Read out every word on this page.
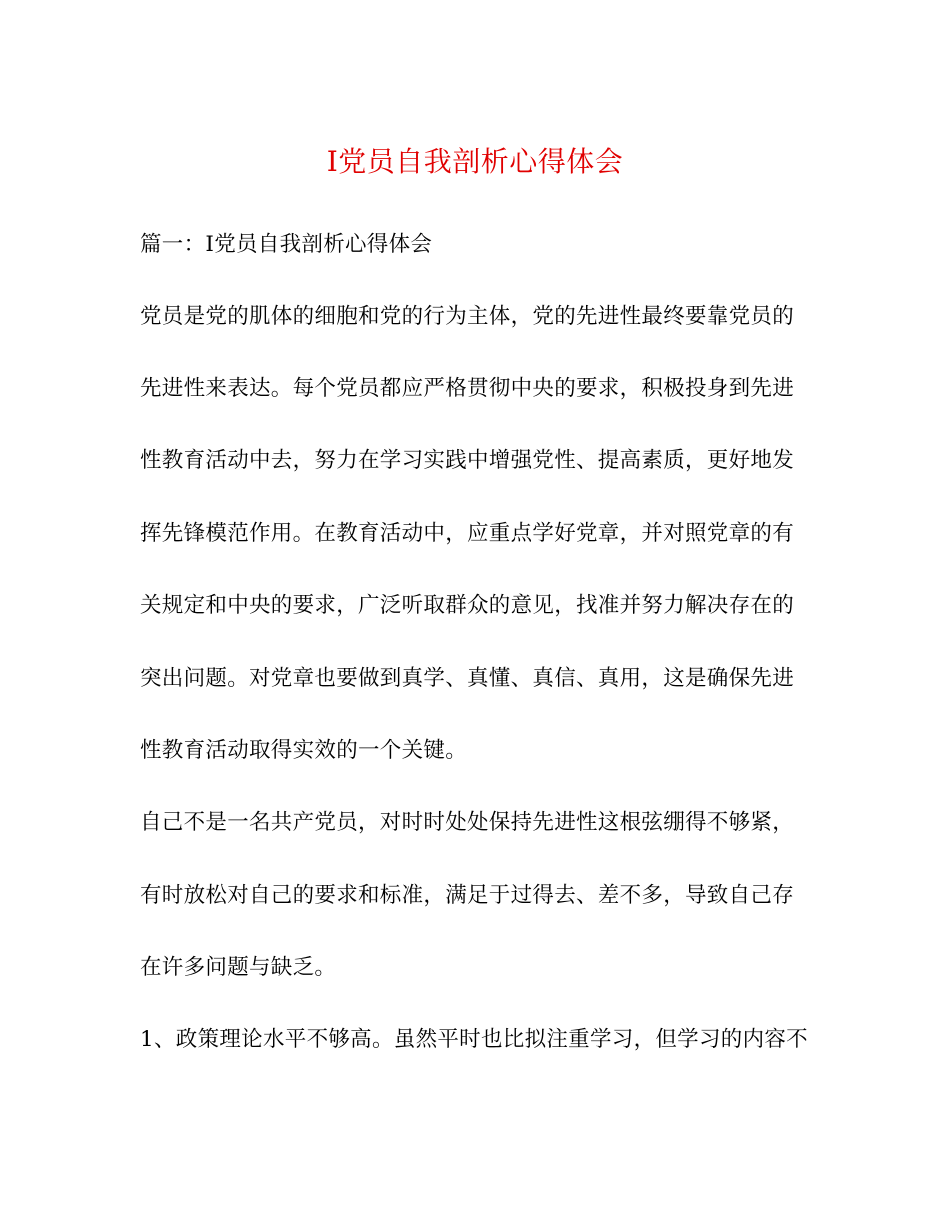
I党员自我剖析心得体会
篇一：I党员自我剖析心得体会
党员是党的肌体的细胞和党的行为主体，党的先进性最终要靠党员的
先进性来表达。每个党员都应严格贯彻中央的要求，积极投身到先进
性教育活动中去，努力在学习实践中增强党性、提高素质，更好地发
挥先锋模范作用。在教育活动中，应重点学好党章，并对照党章的有
关规定和中央的要求，广泛听取群众的意见，找准并努力解决存在的
突出问题。对党章也要做到真学、真懂、真信、真用，这是确保先进
性教育活动取得实效的一个关键。
自己不是一名共产党员，对时时处处保持先进性这根弦绷得不够紧，
有时放松对自己的要求和标准，满足于过得去、差不多，导致自己存
在许多问题与缺乏。
1、政策理论水平不够高。虽然平时也比拟注重学习，但学习的内容不
